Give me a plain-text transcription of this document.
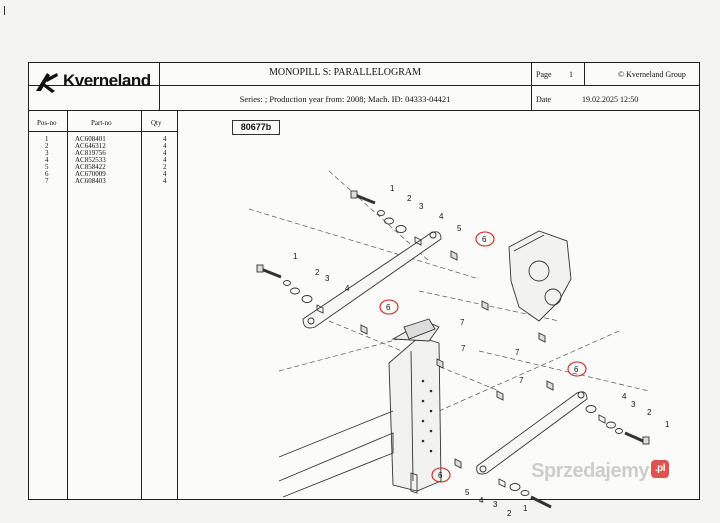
Kverneland	MONOPILL S: PARALLELOGRAM
Series: ; Production year from: 2008; Mach. ID: 04333-04421
Page 1	© Kverneland Group
Date	19.02.2025 12:50
Pos-no	Part-no	Qty
1	AC608401	4
2	AC646312	4
3	AC819756	4
4	AC852533	4
5	AC858422	2
6	AC670009	4
7	AC608403	4
80677b
1
2
3
4
5
1
2
3
4
7
7
7
7
4
3
2
1
5
4 3
2
1
6
6
6
6	Sprzedajemy .pl
